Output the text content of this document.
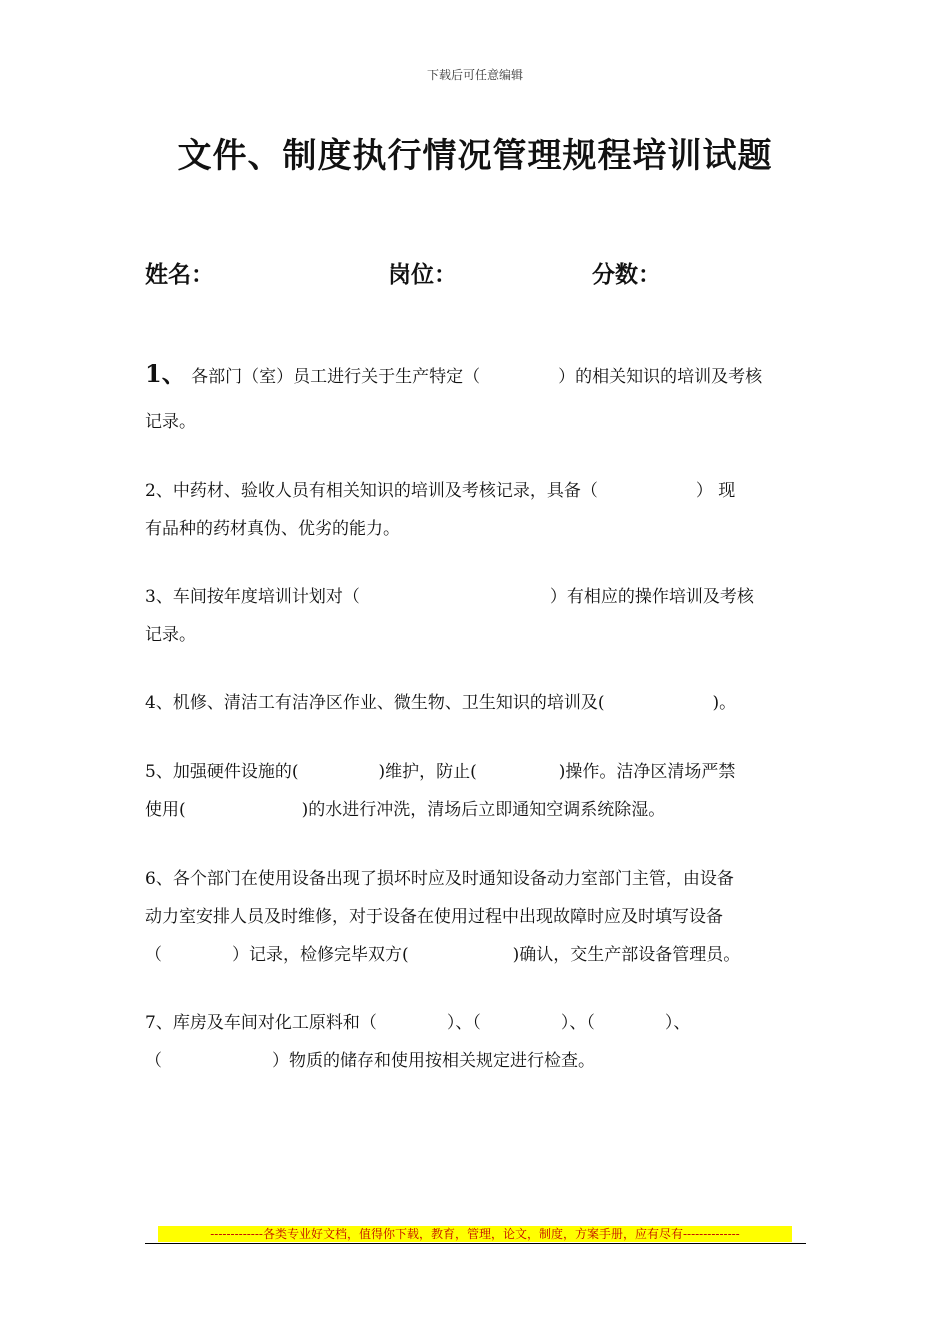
下载后可任意编辑
文件、制度执行情况管理规程培训试题
姓名：	岗位：	分数：
1、 各部门（室）员工进行关于生产特定（	）的相关知识的培训及考核
记录。
2、中药材、验收人员有相关知识的培训及考核记录，具备（	） 现
有品种的药材真伪、优劣的能力。
3、车间按年度培训计划对（	）有相应的操作培训及考核
记录。
4、机修、清洁工有洁净区作业、微生物、卫生知识的培训及(	)。
5、加强硬件设施的(	)维护，防止(	)操作。洁净区清场严禁
使用(	)的水进行冲洗，清场后立即通知空调系统除湿。
6、各个部门在使用设备出现了损坏时应及时通知设备动力室部门主管，由设备
动力室安排人员及时维修，对于设备在使用过程中出现故障时应及时填写设备
（	）记录，检修完毕双方(	)确认，交生产部设备管理员。
7、库房及车间对化工原料和（	）、（	）、（	）、
（	）物质的储存和使用按相关规定进行检查。
-------------各类专业好文档，值得你下载，教育，管理，论文，制度，方案手册，应有尽有--------------
